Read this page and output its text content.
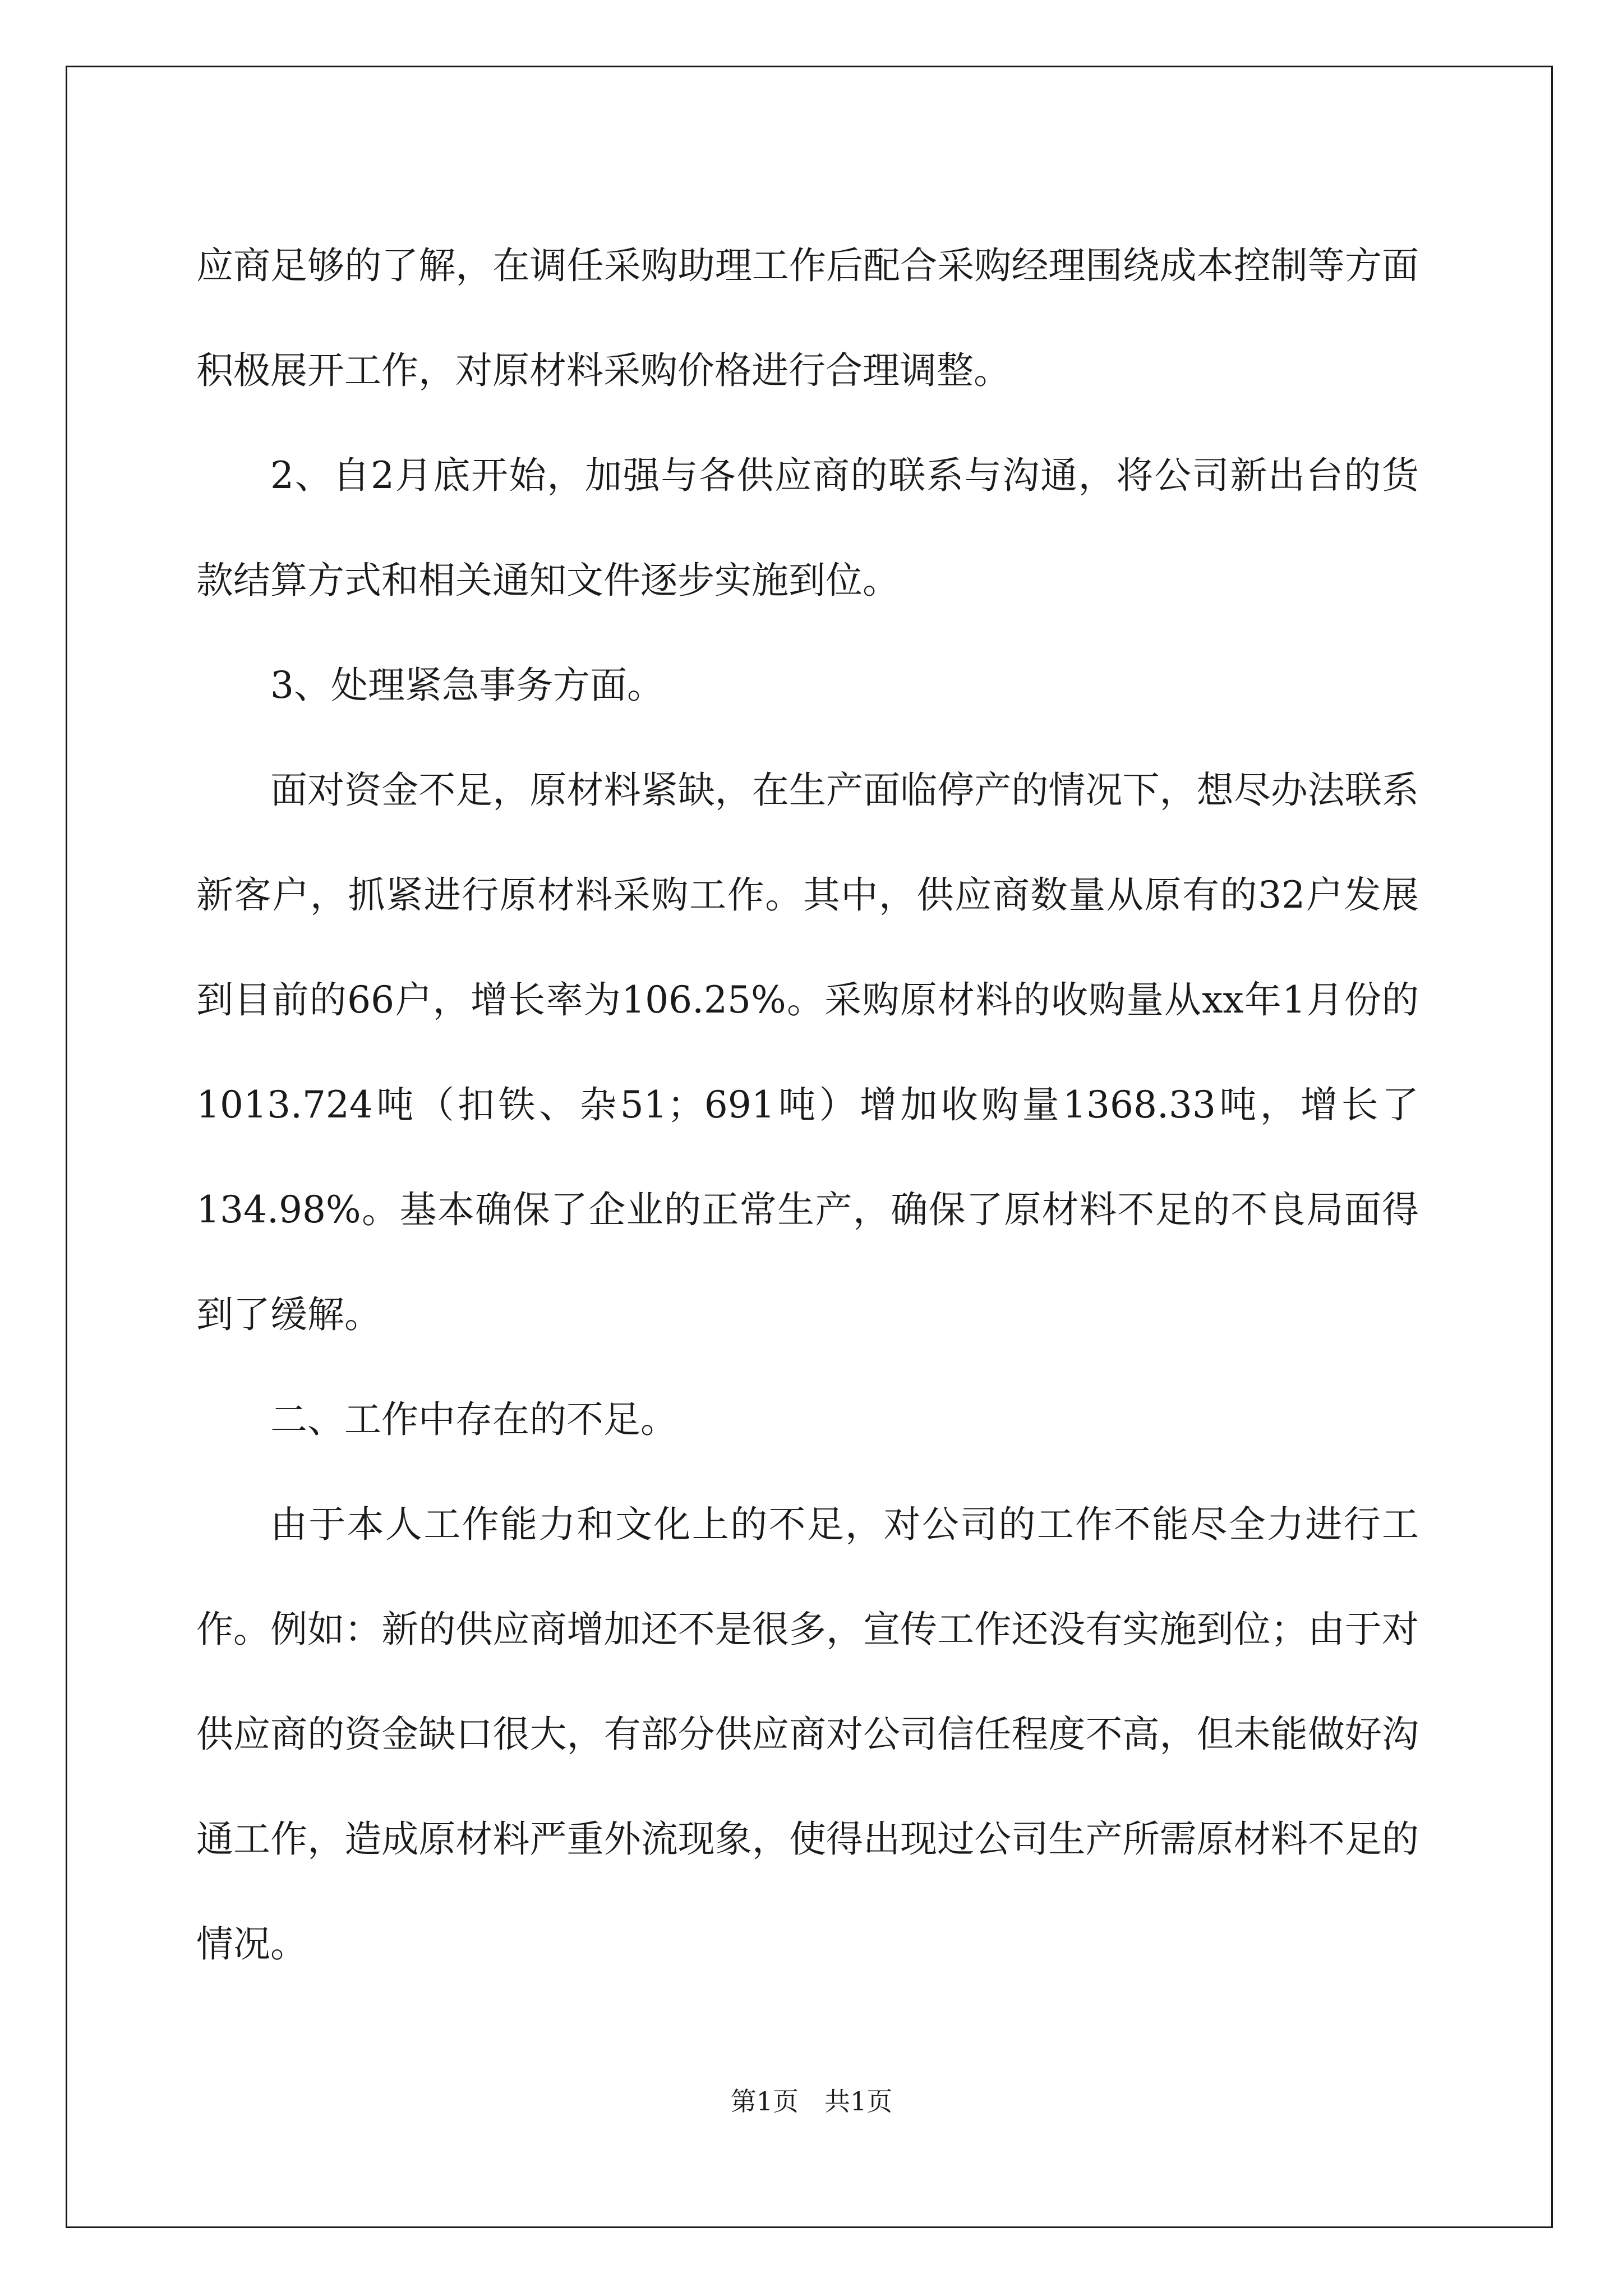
应商足够的了解，在调任采购助理工作后配合采购经理围绕成本控制等方面积极展开工作，对原材料采购价格进行合理调整。

2、自2月底开始，加强与各供应商的联系与沟通，将公司新出台的货款结算方式和相关通知文件逐步实施到位。

3、处理紧急事务方面。

面对资金不足，原材料紧缺，在生产面临停产的情况下，想尽办法联系新客户，抓紧进行原材料采购工作。其中，供应商数量从原有的32户发展到目前的66户，增长率为106.25%。采购原材料的收购量从xx年1月份的1013.724吨（扣铁、杂51；691吨）增加收购量1368.33吨，增长了134.98%。基本确保了企业的正常生产，确保了原材料不足的不良局面得到了缓解。

二、工作中存在的不足。

由于本人工作能力和文化上的不足，对公司的工作不能尽全力进行工作。例如：新的供应商增加还不是很多，宣传工作还没有实施到位；由于对供应商的资金缺口很大，有部分供应商对公司信任程度不高，但未能做好沟通工作，造成原材料严重外流现象，使得出现过公司生产所需原材料不足的情况。

第1页 共1页
